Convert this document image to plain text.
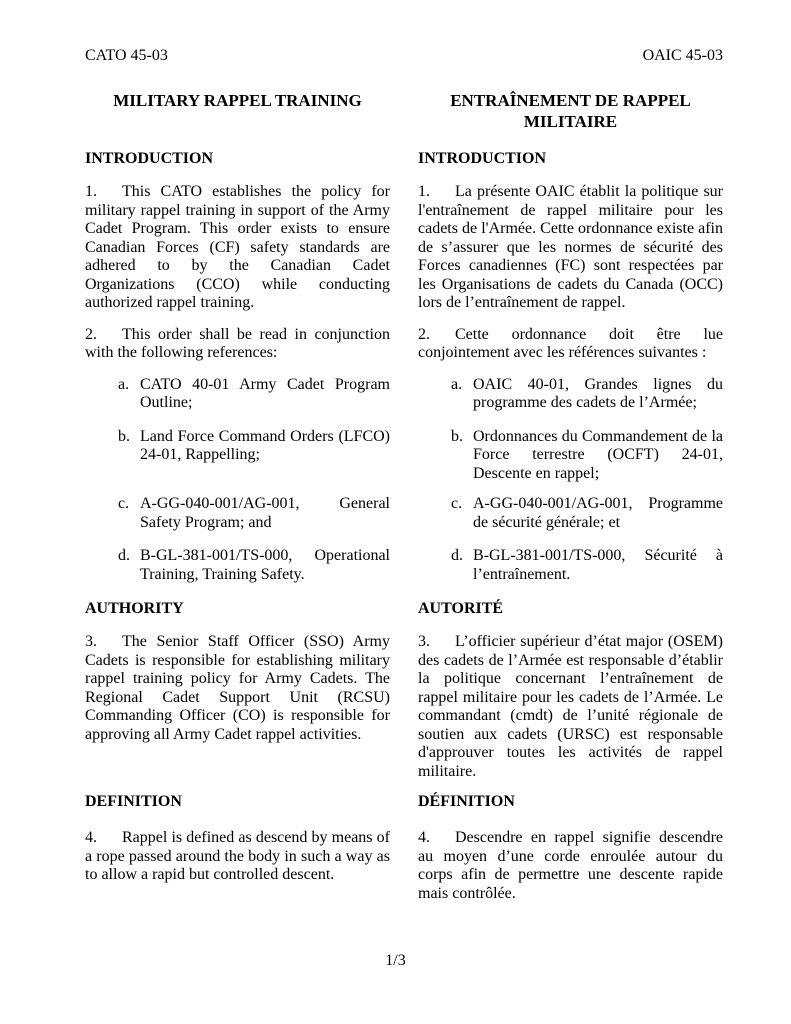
CATO 45-03	OAIC 45-03
MILITARY RAPPEL TRAINING	ENTRAÎNEMENT DE RAPPEL MILITAIRE
INTRODUCTION	INTRODUCTION

1. This CATO establishes the policy for military rappel training in support of the Army Cadet Program. This order exists to ensure Canadian Forces (CF) safety standards are adhered to by the Canadian Cadet Organizations (CCO) while conducting authorized rappel training.

1. La présente OAIC établit la politique sur l'entraînement de rappel militaire pour les cadets de l'Armée. Cette ordonnance existe afin de s’assurer que les normes de sécurité des Forces canadiennes (FC) sont respectées par les Organisations de cadets du Canada (OCC) lors de l’entraînement de rappel.

2. This order shall be read in conjunction with the following references:

2. Cette ordonnance doit être lue conjointement avec les références suivantes :

a. CATO 40-01 Army Cadet Program Outline;

a. OAIC 40-01, Grandes lignes du programme des cadets de l’Armée;

b. Land Force Command Orders (LFCO) 24-01, Rappelling;

b. Ordonnances du Commandement de la Force terrestre (OCFT) 24-01, Descente en rappel;

c. A-GG-040-001/AG-001, General Safety Program; and

c. A-GG-040-001/AG-001, Programme de sécurité générale; et

d. B-GL-381-001/TS-000, Operational Training, Training Safety.

d. B-GL-381-001/TS-000, Sécurité à l’entraînement.

AUTHORITY	AUTORITÉ

3. The Senior Staff Officer (SSO) Army Cadets is responsible for establishing military rappel training policy for Army Cadets. The Regional Cadet Support Unit (RCSU) Commanding Officer (CO) is responsible for approving all Army Cadet rappel activities.

3. L’officier supérieur d’état major (OSEM) des cadets de l’Armée est responsable d’établir la politique concernant l’entraînement de rappel militaire pour les cadets de l’Armée. Le commandant (cmdt) de l’unité régionale de soutien aux cadets (URSC) est responsable d'approuver toutes les activités de rappel militaire.

DEFINITION	DÉFINITION

4. Rappel is defined as descend by means of a rope passed around the body in such a way as to allow a rapid but controlled descent.

4. Descendre en rappel signifie descendre au moyen d’une corde enroulée autour du corps afin de permettre une descente rapide mais contrôlée.

1/3
